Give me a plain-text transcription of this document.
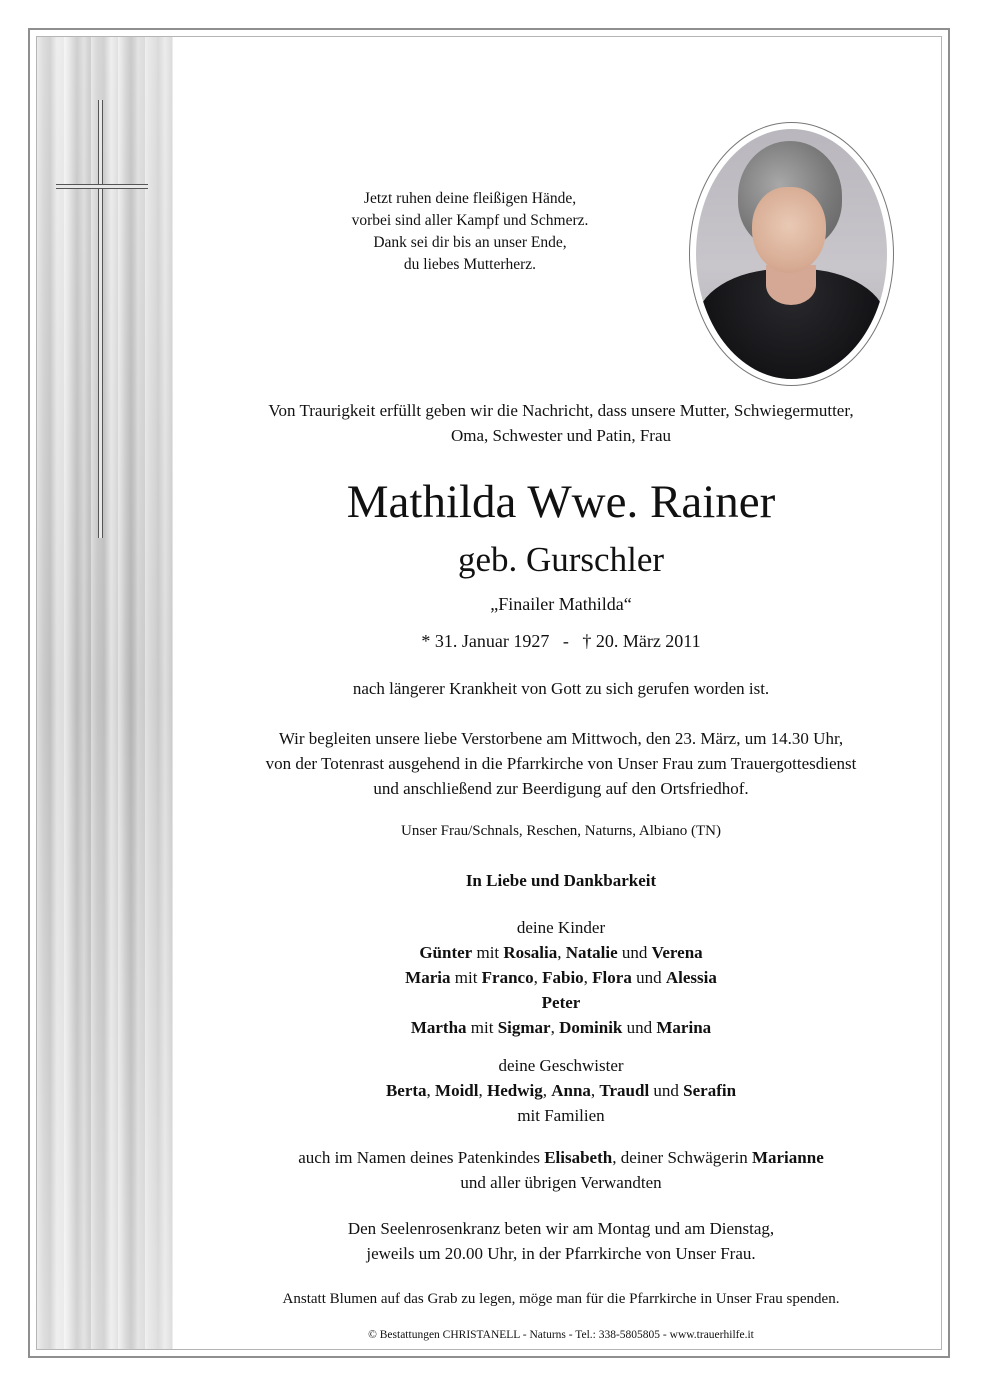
Jetzt ruhen deine fleißigen Hände,
vorbei sind aller Kampf und Schmerz.
Dank sei dir bis an unser Ende,
du liebes Mutterherz.
Von Traurigkeit erfüllt geben wir die Nachricht, dass unsere Mutter, Schwiegermutter,
Oma, Schwester und Patin, Frau
Mathilda Wwe. Rainer
geb. Gurschler
„Finailer Mathilda“
* 31. Januar 1927   -   † 20. März 2011
nach längerer Krankheit von Gott zu sich gerufen worden ist.
Wir begleiten unsere liebe Verstorbene am Mittwoch, den 23. März, um 14.30 Uhr,
von der Totenrast ausgehend in die Pfarrkirche von Unser Frau zum Trauergottesdienst
und anschließend zur Beerdigung auf den Ortsfriedhof.
Unser Frau/Schnals, Reschen, Naturns, Albiano (TN)
In Liebe und Dankbarkeit
deine Kinder
Günter mit Rosalia, Natalie und Verena
Maria mit Franco, Fabio, Flora und Alessia
Peter
Martha mit Sigmar, Dominik und Marina
deine Geschwister
Berta, Moidl, Hedwig, Anna, Traudl und Serafin
mit Familien
auch im Namen deines Patenkindes Elisabeth, deiner Schwägerin Marianne
und aller übrigen Verwandten
Den Seelenrosenkranz beten wir am Montag und am Dienstag,
jeweils um 20.00 Uhr, in der Pfarrkirche von Unser Frau.
Anstatt Blumen auf das Grab zu legen, möge man für die Pfarrkirche in Unser Frau spenden.
© Bestattungen CHRISTANELL - Naturns - Tel.: 338-5805805 - www.trauerhilfe.it
